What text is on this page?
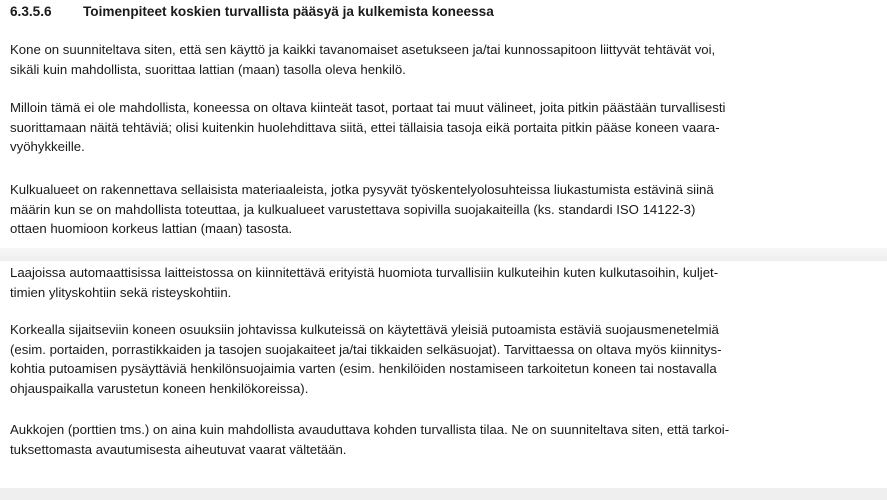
6.3.5.6 Toimenpiteet koskien turvallista pääsyä ja kulkemista koneessa

Kone on suunniteltava siten, että sen käyttö ja kaikki tavanomaiset asetukseen ja/tai kunnossapitoon liittyvät tehtävät voi,
sikäli kuin mahdollista, suorittaa lattian (maan) tasolla oleva henkilö.

Milloin tämä ei ole mahdollista, koneessa on oltava kiinteät tasot, portaat tai muut välineet, joita pitkin päästään turvallisesti
suorittamaan näitä tehtäviä; olisi kuitenkin huolehdittava siitä, ettei tällaisia tasoja eikä portaita pitkin pääse koneen vaara-
vyöhykkeille.

Kulkualueet on rakennettava sellaisista materiaaleista, jotka pysyvät työskentelyolosuhteissa liukastumista estävinä siinä
määrin kun se on mahdollista toteuttaa, ja kulkualueet varustettava sopivilla suojakaiteilla (ks. standardi ISO 14122-3)
ottaen huomioon korkeus lattian (maan) tasosta.

Laajoissa automaattisissa laitteistossa on kiinnitettävä erityistä huomiota turvallisiin kulkuteihin kuten kulkutasoihin, kuljet-
timien ylityskohtiin sekä risteyskohtiin.

Korkealla sijaitseviin koneen osuuksiin johtavissa kulkuteissä on käytettävä yleisiä putoamista estäviä suojausmenetelmiä
(esim. portaiden, porrastikkaiden ja tasojen suojakaiteet ja/tai tikkaiden selkäsuojat). Tarvittaessa on oltava myös kiinnitys-
kohtia putoamisen pysäyttäviä henkilönsuojaimia varten (esim. henkilöiden nostamiseen tarkoitetun koneen tai nostavalla
ohjauspaikalla varustetun koneen henkilökoreissa).

Aukkojen (porttien tms.) on aina kuin mahdollista avauduttava kohden turvallista tilaa. Ne on suunniteltava siten, että tarkoi-
tuksettomasta avautumisesta aiheutuvat vaarat vältetään.
